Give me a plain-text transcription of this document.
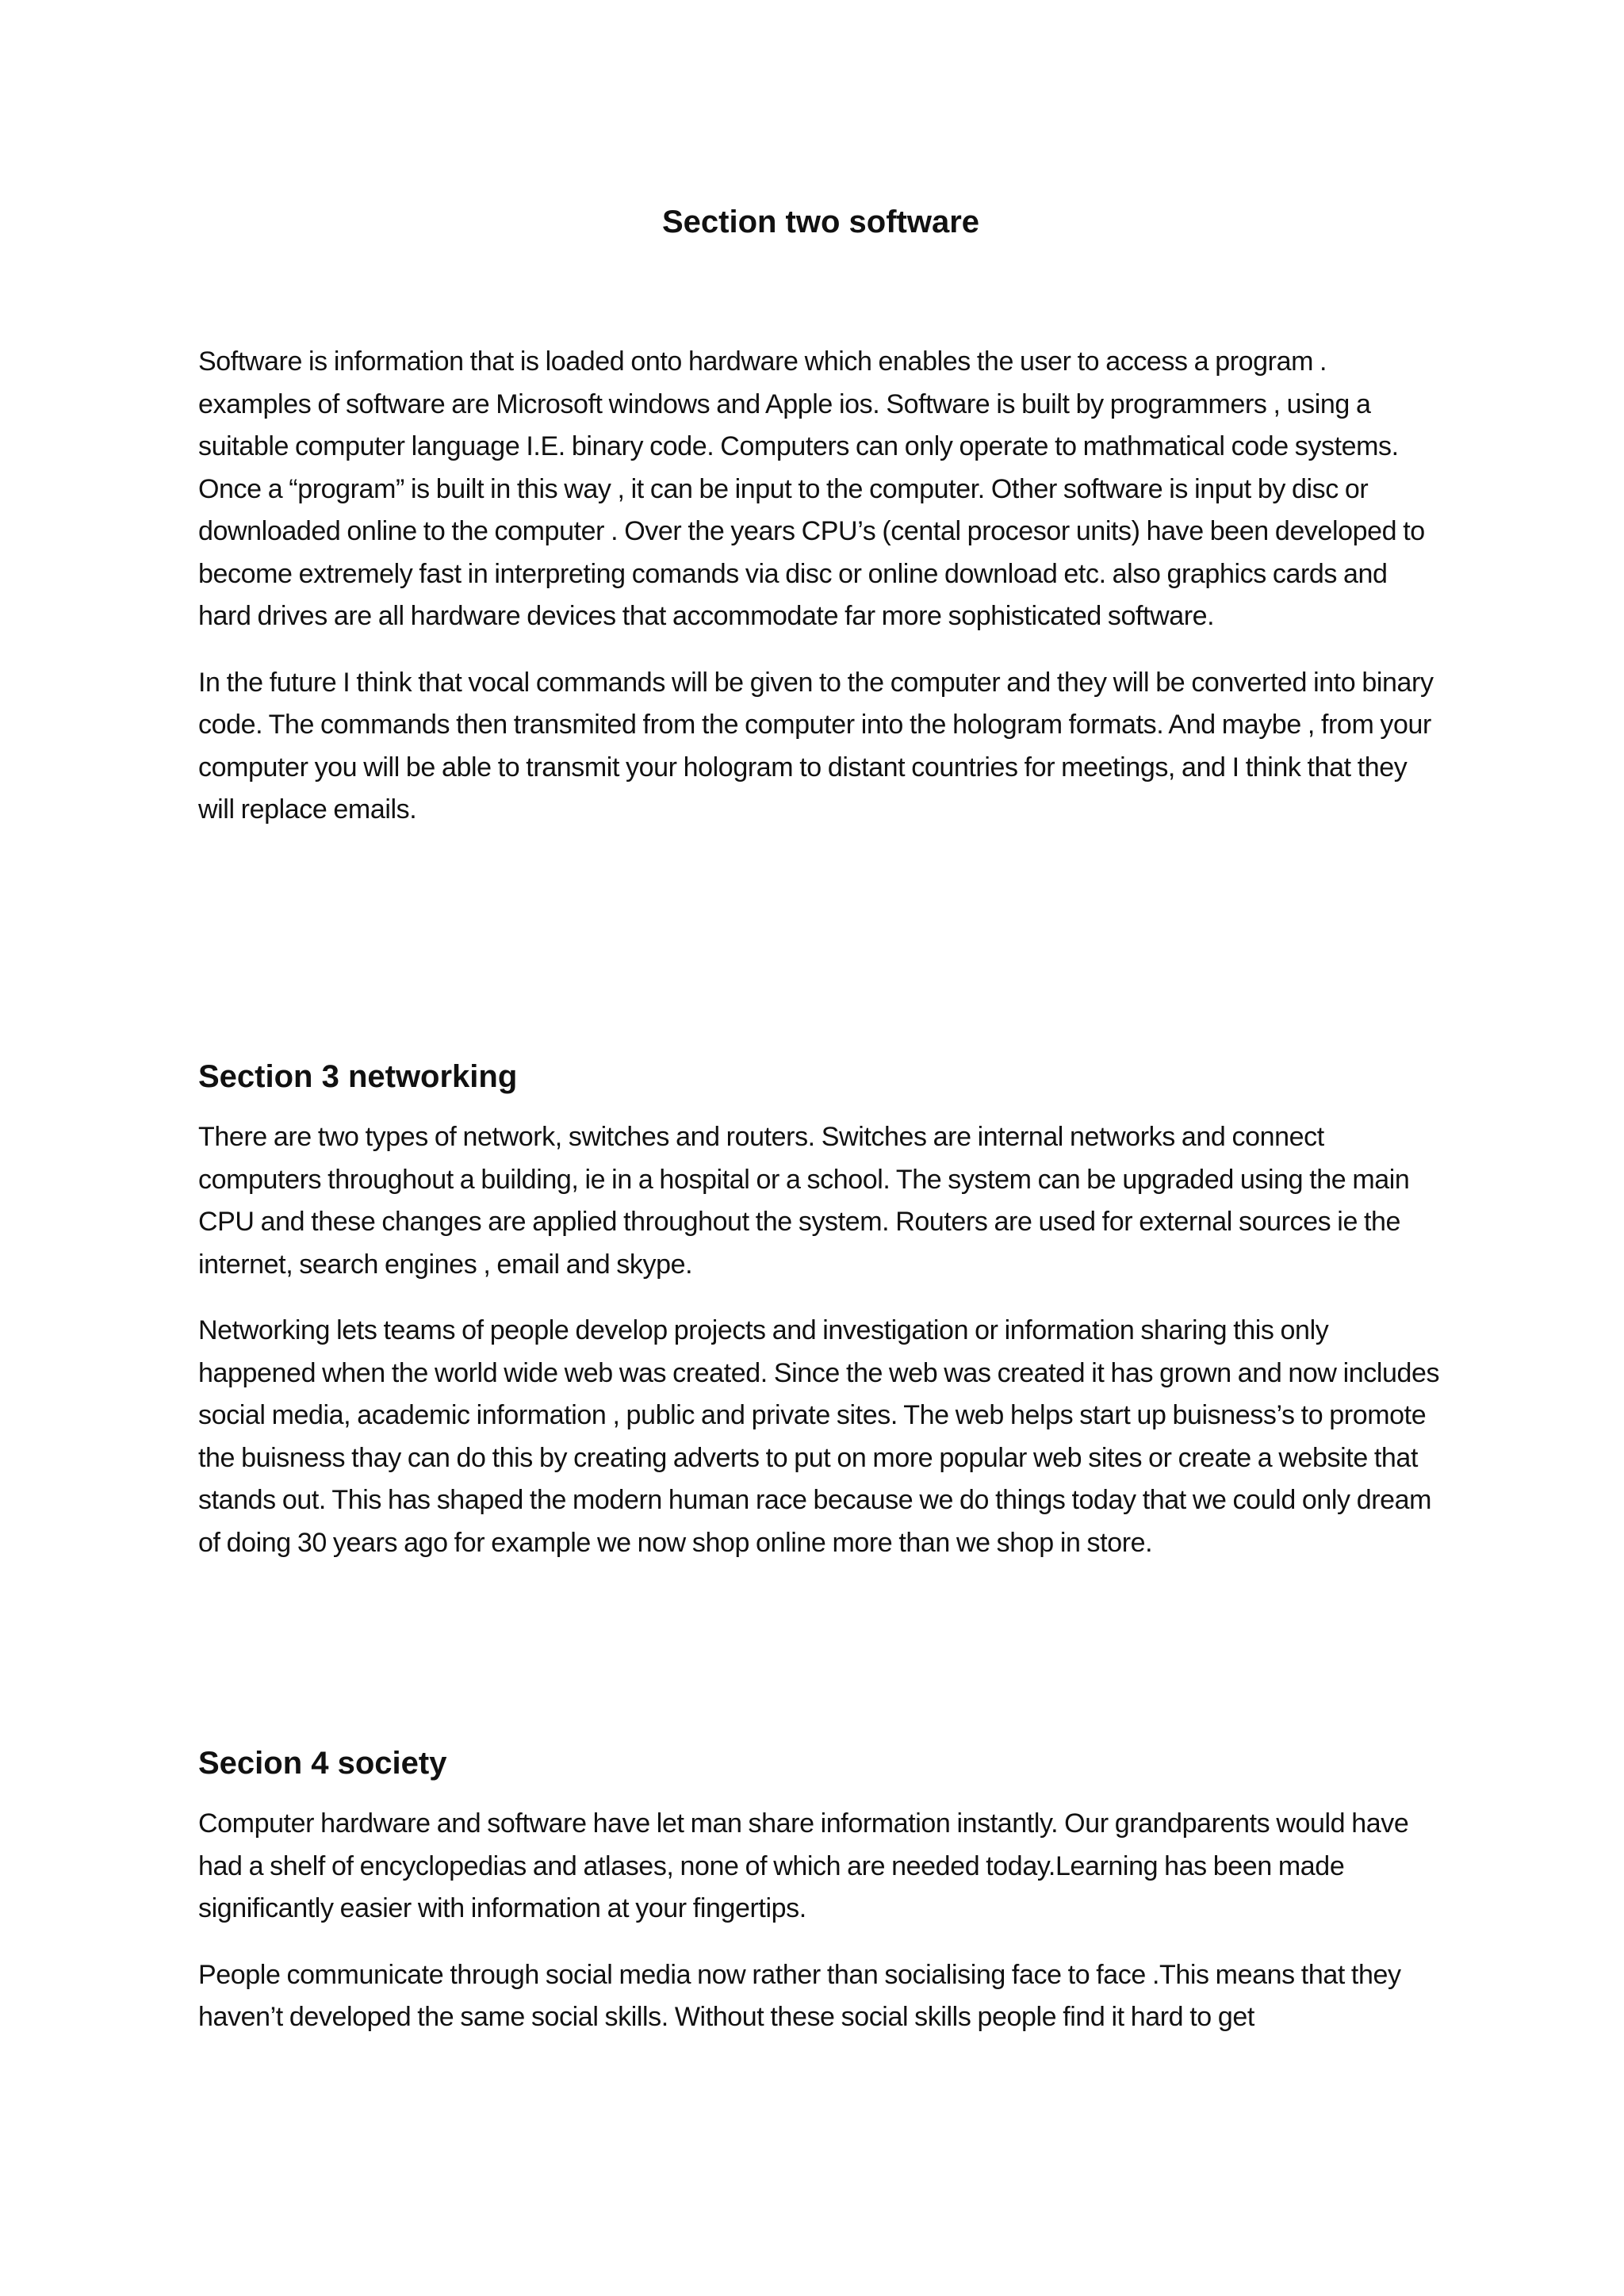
Section two software

Software is information that is loaded onto hardware which enables the user to access a program . examples of software are Microsoft windows and Apple ios. Software is built by programmers , using a suitable computer language I.E. binary code. Computers can only operate to mathmatical code systems. Once a “program” is built in this way , it can be input to the computer. Other software is input by disc or downloaded online to the computer . Over the years CPU’s (cental procesor units) have been developed to become extremely fast in interpreting comands via disc or online download etc. also graphics cards and hard drives are all hardware devices that accommodate far more sophisticated software.

In the future I think that vocal commands will be given to the computer and they will be converted into binary code. The commands then transmited from the computer into the hologram formats. And maybe , from your computer you will be able to transmit your hologram to distant countries for meetings, and I think that they will replace emails.

Section 3 networking

There are two types of network, switches and routers. Switches are internal networks and connect computers throughout a building, ie in a hospital or a school. The system can be upgraded using the main CPU and these changes are applied throughout the system. Routers are used for external sources ie the internet, search engines , email and skype.

Networking lets teams of people develop projects and investigation or information sharing this only happened when the world wide web was created. Since the web was created it has grown and now includes social media, academic information , public and private sites. The web helps start up buisness’s to promote the buisness thay can do this by creating adverts to put on more popular web sites or create a website that stands out. This has shaped the modern human race because we do things today that we could only dream of doing 30 years ago for example we now shop online more than we shop in store.

Secion 4 society

Computer hardware and software have let man share information instantly. Our grandparents would have had a shelf of encyclopedias and atlases, none of which are needed today.Learning has been made significantly easier with information at your fingertips.

People communicate through social media now rather than socialising face to face .This means that they haven’t developed the same social skills. Without these social skills people find it hard to get
